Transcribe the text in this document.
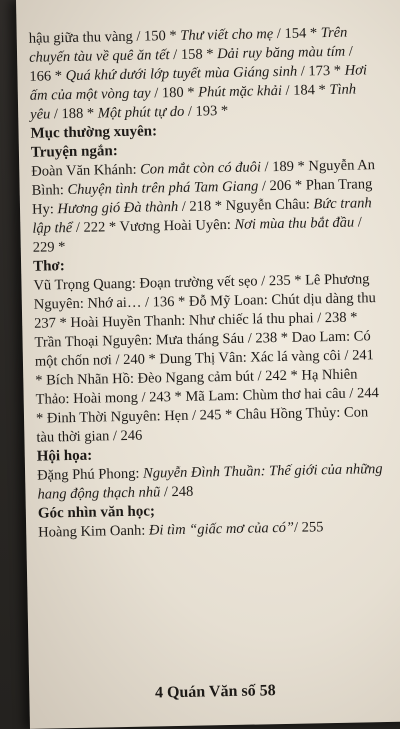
hậu giữa thu vàng / 150 * Thư viết cho mẹ / 154 * Trên chuyến tàu về quê ăn tết / 158 * Dải ruy băng màu tím / 166 * Quá khứ dưới lớp tuyết mùa Giáng sinh / 173 * Hơi ấm của một vòng tay / 180 * Phút mặc khải / 184 * Tình yêu / 188 * Một phút tự do / 193 *

Mục thường xuyên:

Truyện ngắn:

Đoàn Văn Khánh: Con mắt còn có đuôi / 189 * Nguyễn An Bình: Chuyện tình trên phá Tam Giang / 206 * Phan Trang Hy: Hương gió Đà thành / 218 * Nguyễn Châu: Bức tranh lập thể / 222 * Vương Hoài Uyên: Nơi mùa thu bắt đầu / 229 *

Thơ:

Vũ Trọng Quang: Đoạn trường vết sẹo / 235 * Lê Phương Nguyên: Nhớ ai… / 136 * Đỗ Mỹ Loan: Chút dịu dàng thu 237 * Hoài Huyền Thanh: Như chiếc lá thu phai / 238 * Trần Thoại Nguyên: Mưa tháng Sáu / 238 * Dao Lam: Có một chốn nơi / 240 * Dung Thị Vân: Xác lá vàng côi / 241 * Bích Nhãn Hồ: Đèo Ngang cảm bút / 242 * Hạ Nhiên Thảo: Hoài mong / 243 * Mã Lam: Chùm thơ hai câu / 244 * Đinh Thời Nguyên: Hẹn / 245 * Châu Hồng Thủy: Con tàu thời gian / 246

Hội họa:

Đặng Phú Phong: Nguyễn Đình Thuần: Thế giới của những hang động thạch nhũ / 248

Góc nhìn văn học;

Hoàng Kim Oanh: Đi tìm “giấc mơ của có”/ 255

4 Quán Văn số 58
